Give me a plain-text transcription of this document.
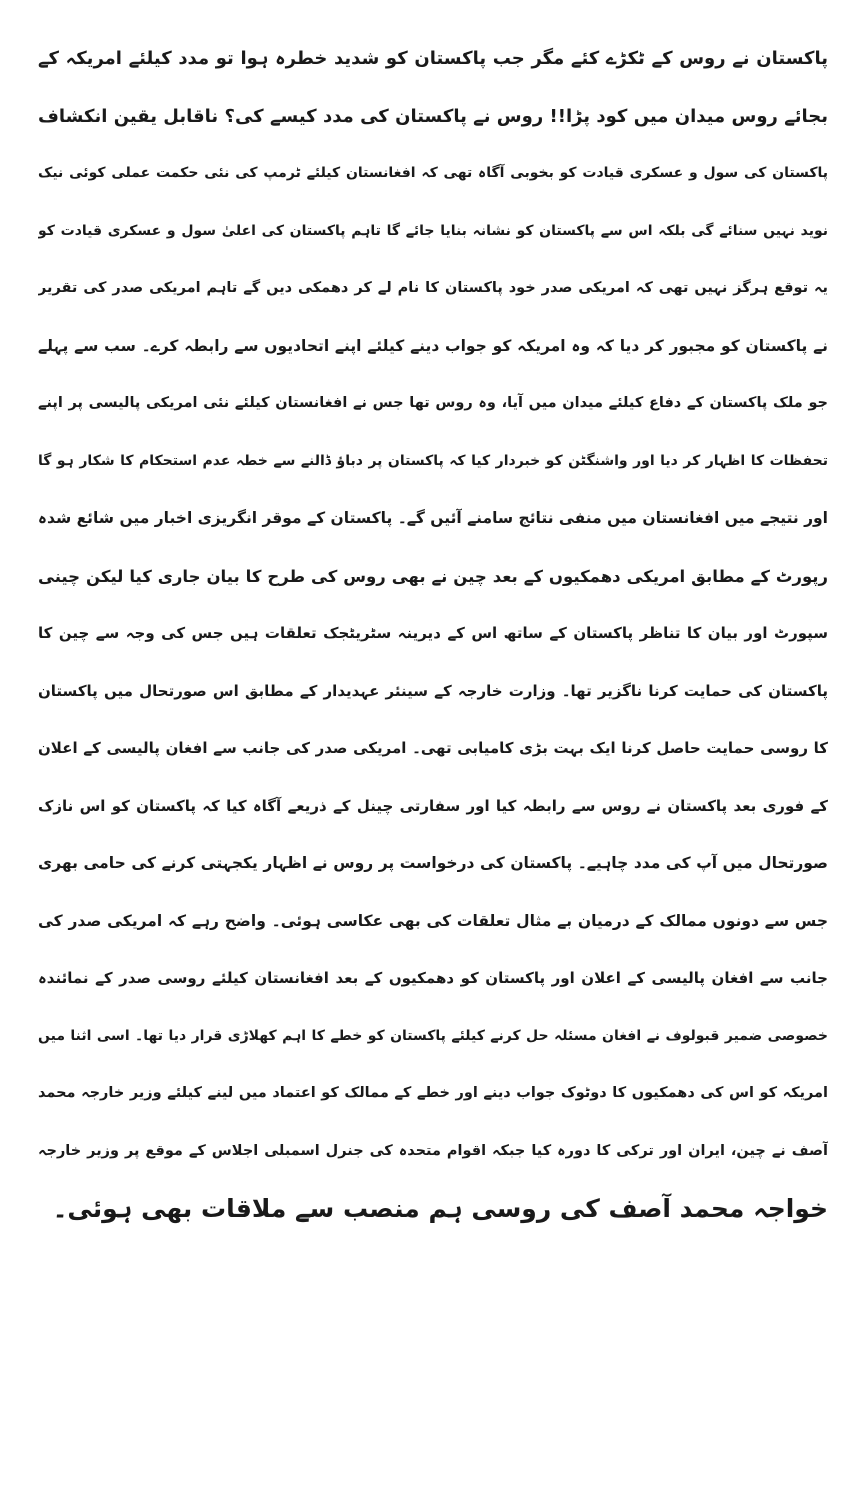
پاکستان نے روس کے ٹکڑے کئے مگر جب پاکستان کو شدید خطرہ ہوا تو مدد کیلئے امریکہ کے
بجائے روس میدان میں کود پڑا!! روس نے پاکستان کی مدد کیسے کی؟ ناقابل یقین انکشاف
پاکستان کی سول و عسکری قیادت کو بخوبی آگاہ تھی کہ افغانستان کیلئے ٹرمپ کی نئی حکمت عملی کوئی نیک
نوید نہیں سنائے گی بلکہ اس سے پاکستان کو نشانہ بنایا جائے گا تاہم پاکستان کی اعلیٰ سول و عسکری قیادت کو
یہ توقع ہرگز نہیں تھی کہ امریکی صدر خود پاکستان کا نام لے کر دھمکی دیں گے تاہم امریکی صدر کی تقریر
نے پاکستان کو مجبور کر دیا کہ وہ امریکہ کو جواب دینے کیلئے اپنے اتحادیوں سے رابطہ کرے۔ سب سے پہلے
جو ملک پاکستان کے دفاع کیلئے میدان میں آیا، وہ روس تھا جس نے افغانستان کیلئے نئی امریکی پالیسی پر اپنے
تحفظات کا اظہار کر دیا اور واشنگٹن کو خبردار کیا کہ پاکستان پر دباؤ ڈالنے سے خطہ عدم استحکام کا شکار ہو گا
اور نتیجے میں افغانستان میں منفی نتائج سامنے آئیں گے۔ پاکستان کے موقر انگریزی اخبار میں شائع شدہ
رپورٹ کے مطابق امریکی دھمکیوں کے بعد چین نے بھی روس کی طرح کا بیان جاری کیا لیکن چینی
سپورٹ اور بیان کا تناظر پاکستان کے ساتھ اس کے دیرینہ سٹریٹجک تعلقات ہیں جس کی وجہ سے چین کا
پاکستان کی حمایت کرنا ناگزیر تھا۔ وزارت خارجہ کے سینئر عہدیدار کے مطابق اس صورتحال میں پاکستان
کا روسی حمایت حاصل کرنا ایک بہت بڑی کامیابی تھی۔ امریکی صدر کی جانب سے افغان پالیسی کے اعلان
کے فوری بعد پاکستان نے روس سے رابطہ کیا اور سفارتی چینل کے ذریعے آگاہ کیا کہ پاکستان کو اس نازک
صورتحال میں آپ کی مدد چاہیے۔ پاکستان کی درخواست پر روس نے اظہار یکجہتی کرنے کی حامی بھری
جس سے دونوں ممالک کے درمیان بے مثال تعلقات کی بھی عکاسی ہوئی۔ واضح رہے کہ امریکی صدر کی
جانب سے افغان پالیسی کے اعلان اور پاکستان کو دھمکیوں کے بعد افغانستان کیلئے روسی صدر کے نمائندہ
خصوصی ضمیر قبولوف نے افغان مسئلہ حل کرنے کیلئے پاکستان کو خطے کا اہم کھلاڑی قرار دیا تھا۔ اسی اثنا میں
امریکہ کو اس کی دھمکیوں کا دوٹوک جواب دینے اور خطے کے ممالک کو اعتماد میں لینے کیلئے وزیر خارجہ محمد
آصف نے چین، ایران اور ترکی کا دورہ کیا جبکہ اقوام متحدہ کی جنرل اسمبلی اجلاس کے موقع پر وزیر خارجہ
خواجہ محمد آصف کی روسی ہم منصب سے ملاقات بھی ہوئی۔
